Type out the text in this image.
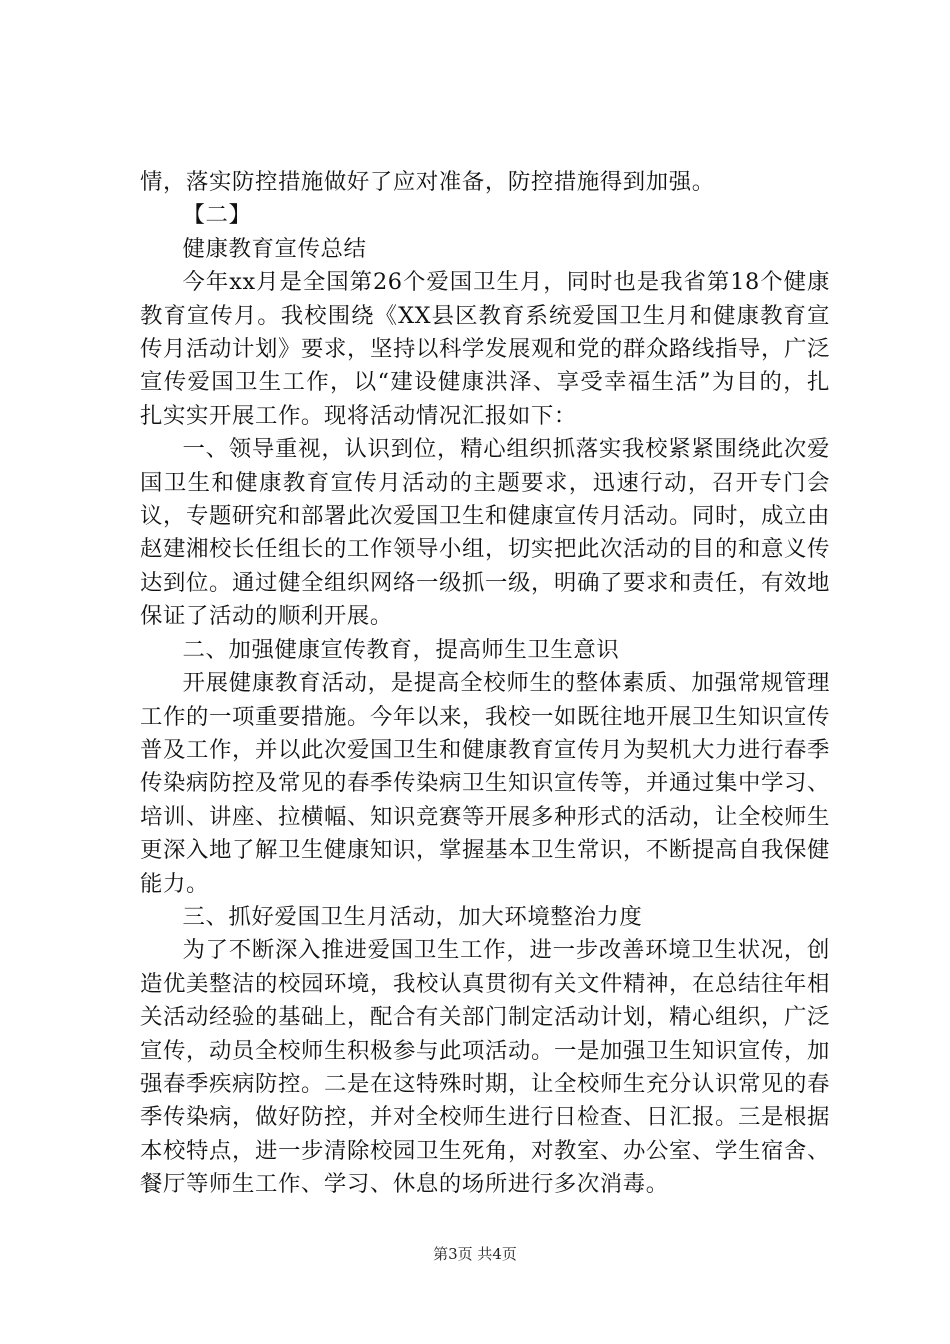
情，落实防控措施做好了应对准备，防控措施得到加强。

【二】

健康教育宣传总结

今年xx月是全国第26个爱国卫生月，同时也是我省第18个健康教育宣传月。我校围绕《XX县区教育系统爱国卫生月和健康教育宣传月活动计划》要求，坚持以科学发展观和党的群众路线指导，广泛宣传爱国卫生工作，以“建设健康洪泽、享受幸福生活”为目的，扎扎实实开展工作。现将活动情况汇报如下：

一、领导重视，认识到位，精心组织抓落实我校紧紧围绕此次爱国卫生和健康教育宣传月活动的主题要求，迅速行动，召开专门会议，专题研究和部署此次爱国卫生和健康宣传月活动。同时，成立由赵建湘校长任组长的工作领导小组，切实把此次活动的目的和意义传达到位。通过健全组织网络一级抓一级，明确了要求和责任，有效地保证了活动的顺利开展。

二、加强健康宣传教育，提高师生卫生意识

开展健康教育活动，是提高全校师生的整体素质、加强常规管理工作的一项重要措施。今年以来，我校一如既往地开展卫生知识宣传普及工作，并以此次爱国卫生和健康教育宣传月为契机大力进行春季传染病防控及常见的春季传染病卫生知识宣传等，并通过集中学习、培训、讲座、拉横幅、知识竞赛等开展多种形式的活动，让全校师生更深入地了解卫生健康知识，掌握基本卫生常识，不断提高自我保健能力。

三、抓好爱国卫生月活动，加大环境整治力度

为了不断深入推进爱国卫生工作，进一步改善环境卫生状况，创造优美整洁的校园环境，我校认真贯彻有关文件精神，在总结往年相关活动经验的基础上，配合有关部门制定活动计划，精心组织，广泛宣传，动员全校师生积极参与此项活动。一是加强卫生知识宣传，加强春季疾病防控。二是在这特殊时期，让全校师生充分认识常见的春季传染病，做好防控，并对全校师生进行日检查、日汇报。三是根据本校特点，进一步清除校园卫生死角，对教室、办公室、学生宿舍、餐厅等师生工作、学习、休息的场所进行多次消毒。

第3页 共4页
